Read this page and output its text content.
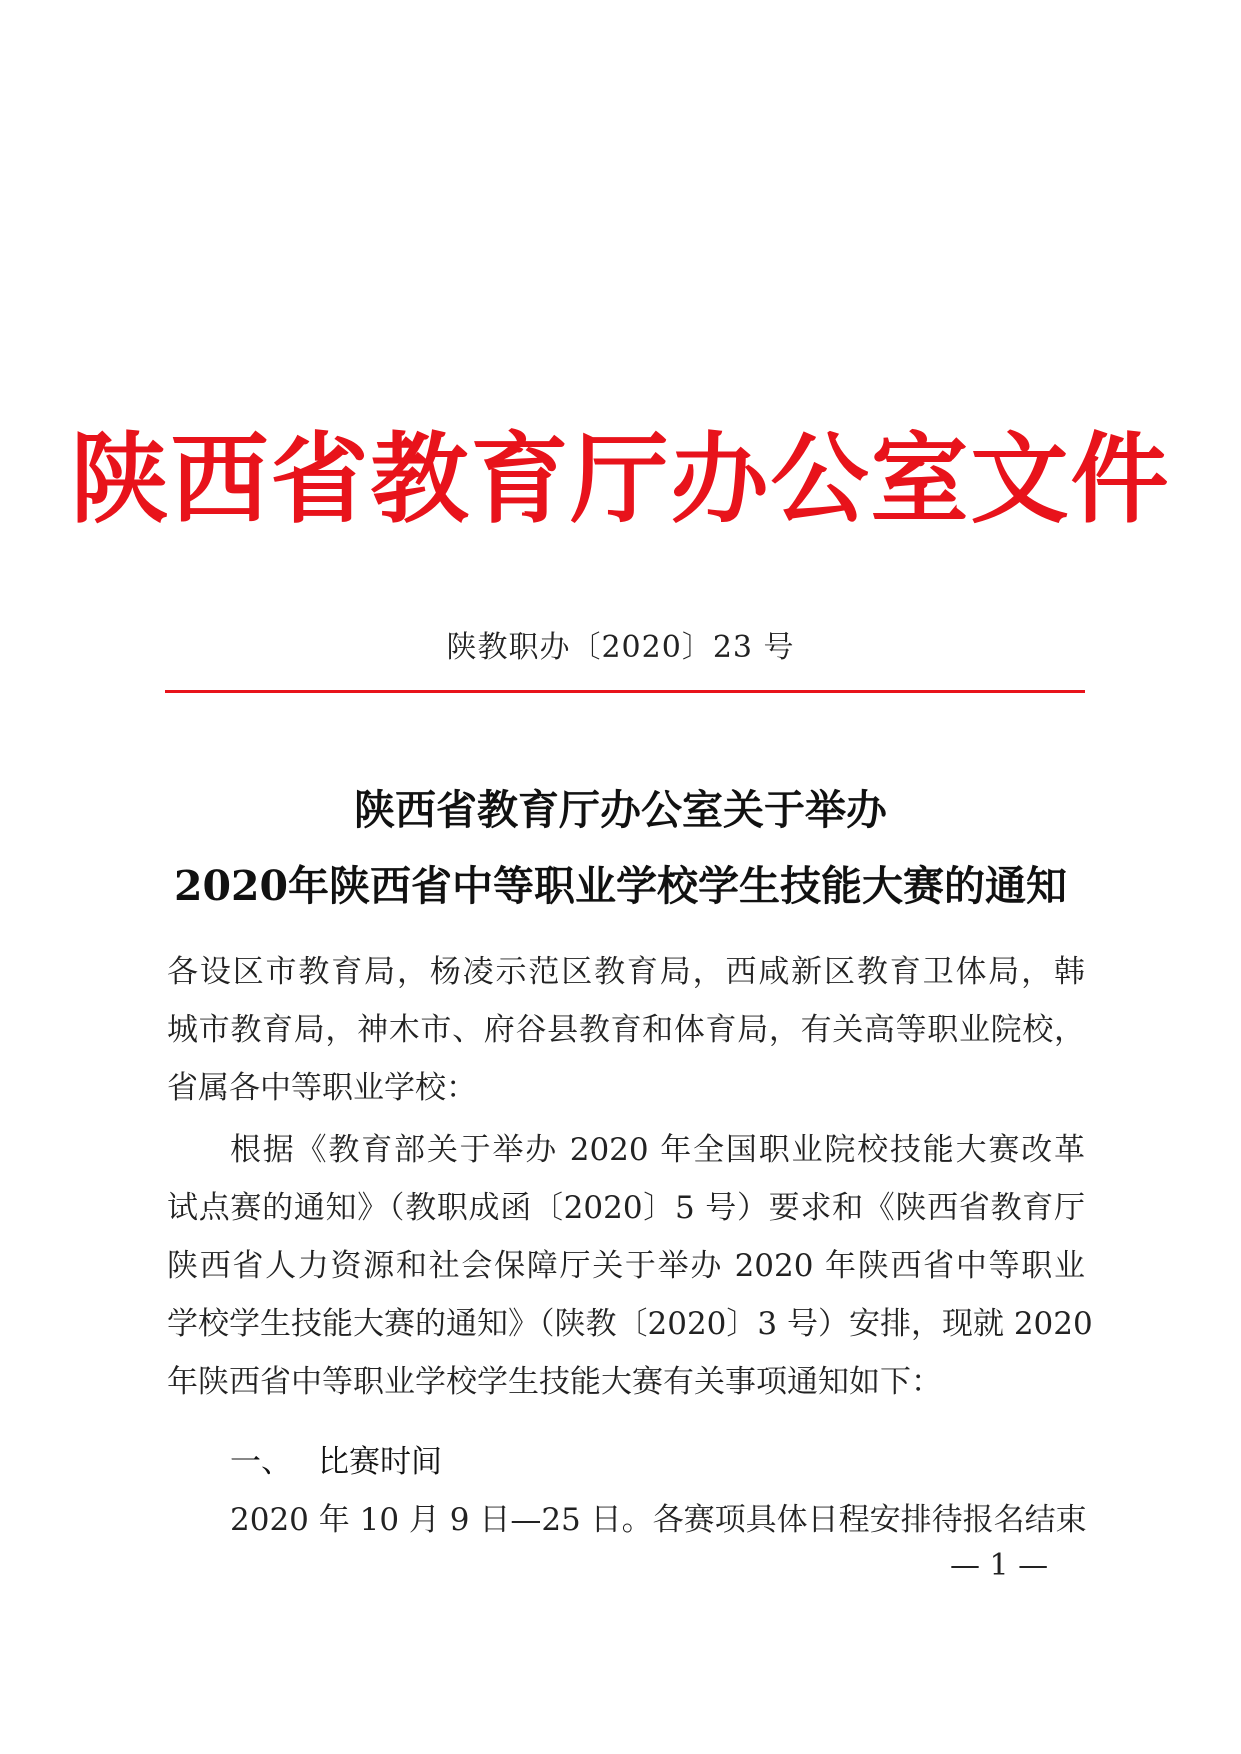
陕西省教育厅办公室文件
陕教职办〔2020〕23 号
陕西省教育厅办公室关于举办
2020年陕西省中等职业学校学生技能大赛的通知
各设区市教育局，杨凌示范区教育局，西咸新区教育卫体局，韩
城市教育局，神木市、府谷县教育和体育局，有关高等职业院校，
省属各中等职业学校：
根据《教育部关于举办 2020 年全国职业院校技能大赛改革
试点赛的通知》（教职成函〔2020〕5 号）要求和《陕西省教育厅
陕西省人力资源和社会保障厅关于举办 2020 年陕西省中等职业
学校学生技能大赛的通知》（陕教〔2020〕3 号）安排，现就 2020
年陕西省中等职业学校学生技能大赛有关事项通知如下：
一、 比赛时间
2020 年 10 月 9 日—25 日。各赛项具体日程安排待报名结束
— 1 —
